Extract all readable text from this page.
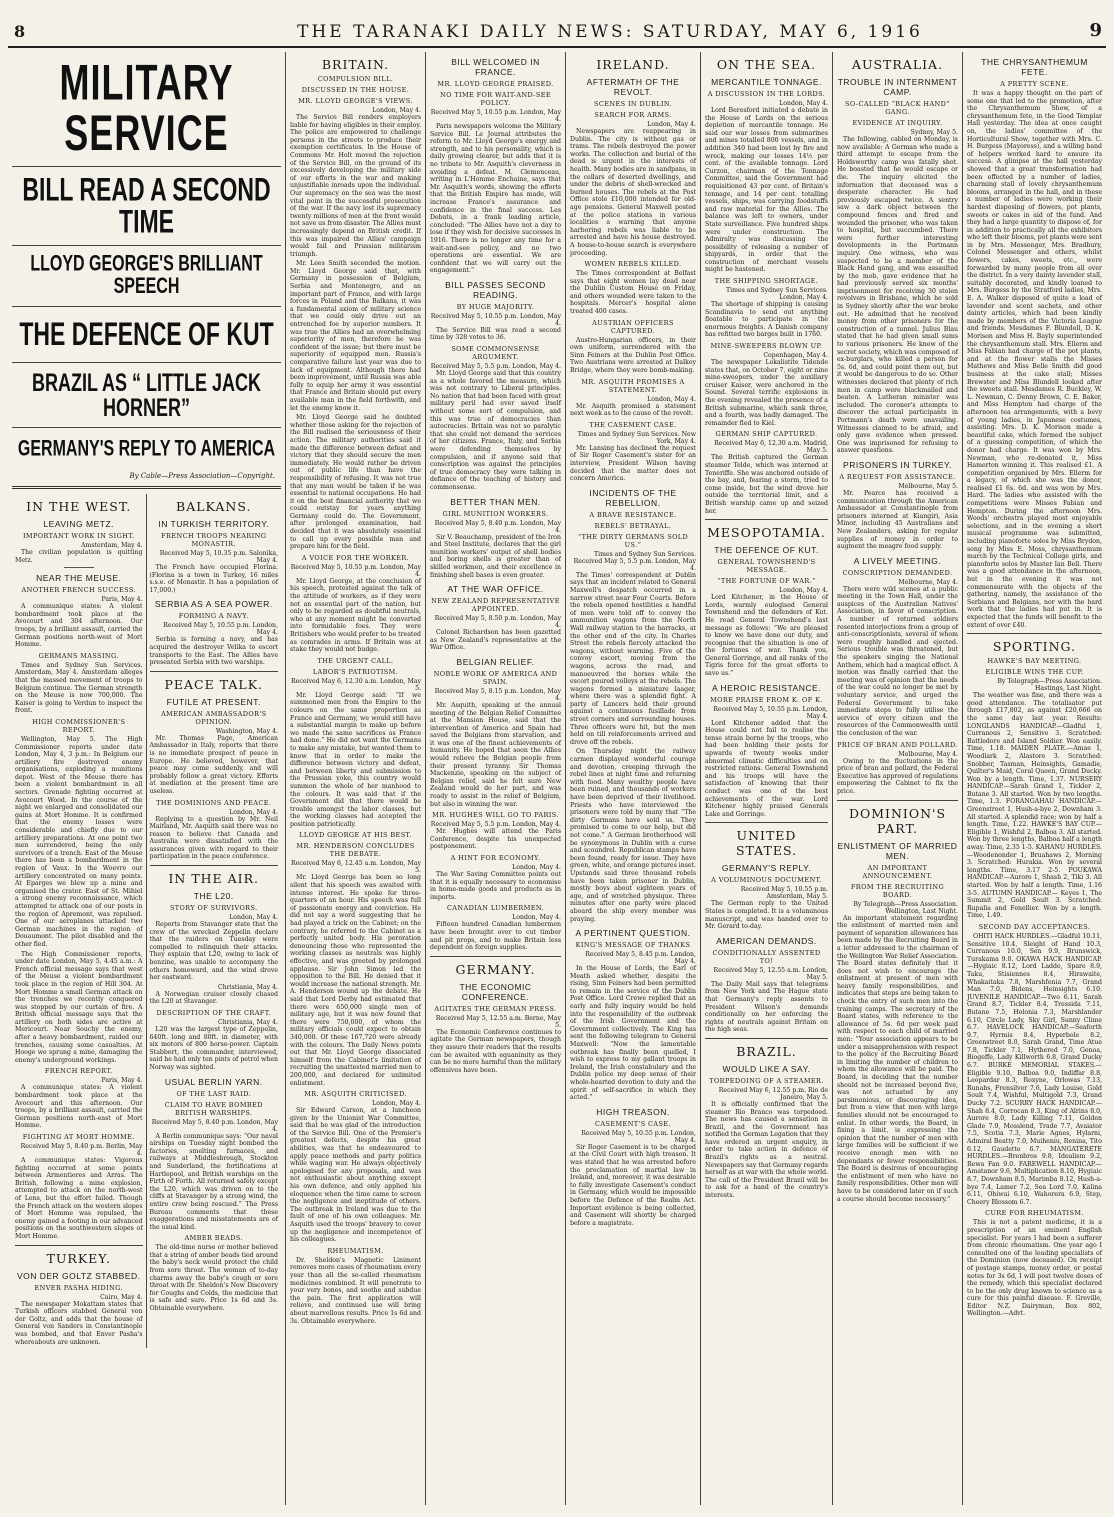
8	THE TARANAKI DAILY NEWS: SATURDAY, MAY 6, 1916	9
MILITARY SERVICE
BILL READ A SECOND TIME
LLOYD GEORGE'S BRILLIANT SPEECH
THE DEFENCE OF KUT
BRAZIL AS “ LITTLE JACK HORNER”
GERMANY'S REPLY TO AMERICA
By Cable—Press Association—Copyright.
IN THE WEST.
LEAVING METZ.
IMPORTANT WORK IN SIGHT.
Amsterdam, May 4.

The civilian population is quitting Metz.

NEAR THE MEUSE.
ANOTHER FRENCH SUCCESS.
Paris, May 4.

A communique states: A violent bombardment took place at the Avocourt and 304 afternoon. Our troops, by a brilliant assault, carried the German positions north-west of Mort Homme.

GERMANS MASSING.

Times and Sydney Sun Services. Amsterdam, May 4. Amsterdam alleges that the massed movement of troops to Belgium continue. The German strength on the Meuse is now 700,000. The Kaiser is going to Verdun to inspect the front.

HIGH COMMISSIONER'S REPORT.

Wellington, May 5. The High Commissioner reports under date London, May 4, 3 p.m.: In Belgium our artillery fire destroyed enemy organisations, exploding a munitions depot. West of the Meuse there has been a violent bombardment in all sectors. Grenade fighting occurred at Avocourt Wood. In the course of the night we enlarged and consolidated our gains at Mort Homme. It is confirmed that the enemy losses were considerable and chiefly due to our artillery preparations. At one point two men surrendered, being the only survivors of a trench. East of the Meuse there has been a bombardment in the region of Vaux. In the Woevre our artillery concentrated on many points. At Eparges we blew up a mine and organised the crater. East of St. Mihiel a strong enemy reconnaissance, which attempted to attack one of our posts in the region of Apremont, was repulsed. One of our aeroplanes attacked two German machines in the region of Douaumont. The pilot disabled and the other fled.

The High Commissioner reports, under date London, May 5, 4.45 a.m.: A French official message says that west of the Meuse a violent bombardment took place in the region of Hill 304. At Mort Homme a small German attack on the trenches we recently conquered was stopped by our curtain of fire. A British official message says that the artillery on both sides are active at Mericourt. Near Souchy the enemy, after a heavy bombardment, raided our trenches, causing some casualties. At Hooge we sprung a mine, damaging the enemy's underground workings.

FRENCH REPORT.
Paris, May 4.

A communique states: A violent bombardment took place at the Avocourt and this afternoon. Our troops, by a brilliant assault, carried the German positions north-east of Mort Homme.

FIGHTING AT MORT HOMME.
Received May 5, 8.40 p.m. Berlin, May 4.

A communique states: Vigorous fighting occurred at some points between Armentieres and Arras. The British, following a mine explosion, attempted to attack on the north-west of Lens, but the effort failed. Though the French attack on the western slopes of Mort Homme was repulsed, the enemy gained a footing in our advanced positions on the southwestern slopes of Mort Homme.

TURKEY.
VON DER GOLTZ STABBED.
ENVER PASHA HIDING.
Cairo, May 4.

The newspaper Mokattam states that Turkish officers stabbed General von der Goltz, and adds that the house of General von Sanders in Constantinople was bombed, and that Enver Pasha's whereabouts are unknown.

BALKANS.
IN TURKISH TERRITORY.
FRENCH TROOPS NEARING MONASTIR.
Received May 5, 10.35 p.m. Salonika, May 4.

The French have occupied Florina. (Florina is a town in Turkey, 16 miles s.s.e. of Monastir. It has a population of 17,000.)

SERBIA AS A SEA POWER.
FORMING A NAVY.
Received May 5, 10.55 p.m. London, May 4.

Serbia is forming a navy, and has acquired the destroyer Velika to escort transports to the East. The Allies have presented Serbia with two warships.

PEACE TALK.
FUTILE AT PRESENT.
AMERICAN AMBASSADOR'S OPINION.
Washington, May 4.

Mr. Thomas Page, American Ambassador in Italy, reports that there is no immediate prospect of peace in Europe. He believed, however, that peace may come suddenly, and will probably follow a great victory. Efforts at mediation at the present time are useless.

THE DOMINIONS AND PEACE.
London, May 4.

Replying to a question by Mr. Neil Maitland, Mr. Asquith said there was no reason to believe that Canada and Australia were dissatisfied with the assurances given with regard to their participation in the peace conference.

IN THE AIR.
THE L20.
STORY OF SURVIVORS.
London, May 4.

Reports from Stavanger state that the crew of the wrecked Zeppelin declare that the raiders on Tuesday were compelled to relinquish their attacks. They explain that L20, owing to lack of benzine, was unable to accompany the others homeward, and the wind drove her eastward.

Christiania, May 4.

A Norwegian cruiser closely chased the L20 at Stavanger.

DESCRIPTION OF THE CRAFT.
Christiania, May 4.

L20 was the largest type of Zeppelin, 640ft. long and 80ft. in diameter, with six motors of 800 horse-power. Captain Stabbert, the commander, interviewed, said he had only ten pints of petrol when Norway was sighted.

USUAL BERLIN YARN.
OF THE LAST RAID.
CLAIM TO HAVE BOMBED BRITISH WARSHIPS.
Received May 5, 8.40 p.m. London, May 4.

A Berlin communique says: “Our naval airships on Tuesday night bombed the factories, smelting furnaces, and railways at Middlesbrough, Stockton and Sunderland, the fortifications at Hartlepool, and British warships on the Firth of Forth. All returned safely except the L20, which was driven on to the cliffs at Stavanger by a strong wind, the entire crew being rescued.” The Press Bureau comments that these exaggerations and misstatements are of the usual kind.

AMBER BEADS.

The old-time nurse or mother believed that a string of amber beads tied around the baby's neck would protect the child from sore throat. The woman of to-day charms away the baby's cough or sore throat with Dr. Sheldon's New Discovery for Coughs and Colds, the medicine that is safe and sure. Price 1s 6d and 3s. Obtainable everywhere.

BRITAIN.
COMPULSION BILL.
DISCUSSED IN THE HOUSE.
MR. LLOYD GEORGE'S VIEWS.
London, May 4.

The Service Bill renders employers liable for having eligibles in their employ. The police are empowered to challenge persons in the streets to produce their exemption certificates. In the House of Commons Mr. Holt moved the rejection of the Service Bill, on the ground of its excessively developing the military side of our efforts in the war and making unjustifiable inroads upon the individual. Our supremacy on the sea was the most vital point in the successful prosecution of the war. If the navy lost its supremacy twenty millions of men at the front would not save us from disaster. The Allies must increasingly depend on British credit. If this was impaired the Allies' campaign would fail and Prussian militarism triumph.

Mr. Lees Smith seconded the motion. Mr. Lloyd George said that, with Germany in possession of Belgium, Serbia and Montenegro, and an important part of France, and with large forces in Poland and the Balkans, it was a fundamental axiom of military science that we could only drive out an entrenched foe by superior numbers. It was true the Allies had an overwhelming superiority of men, therefore he was confident of the issue; but there must be superiority of equipped men. Russia's comparative failure last year was due to lack of equipment. Although there had been improvement, until Russia was able fully to equip her army it was essential that France and Britain should put every available man in the field forthwith, and let the enemy know it.

Mr. Lloyd George said he doubted whether those asking for the rejection of the Bill realised the seriousness of their action. The military authorities said it made the difference between defeat and victory that they should secure the men immediately. He would rather be driven out of public life than have the responsibility of refusing. It was not true that any man would be taken if he was essential to national occupations. He had it on the best financial authority that we could outstay for years anything Germany could do. The Government, after prolonged examination, had decided that it was absolutely essential to call up every possible man and prepare him for the field.

A VOICE FOR THE WORKER.
Received May 5, 10.55 p.m. London, May 4.

Mr. Lloyd George, at the conclusion of his speech, protested against the talk of the attitude of workers, as if they were not an essential part of the nation, but only to be regarded as doubtful neutrals, who at any moment might be converted into formidable foes. They were Britishers who would prefer to be treated as comrades in arms. If Britain was at stake they would not budge.

THE URGENT CALL.
LABOR'S PATRIOTISM.
Received May 6, 12.30 a.m. London, May 5.

Mr. Lloyd George said: “If we summoned men from the Empire to the colours on the same proportion as France and Germany, we would still have a substantial margin to make up before we made the same sacrifices as France had done.” He did not want the Germans to make any mistake, but wanted them to know that in order to make the difference between victory and defeat, and between liberty and submission to the Prussian yoke, this country would summon the whole of her manhood to the colours. It was said that if the Government did that there would be trouble amongst the labor classes, but the working classes had accepted the position patriotically.

LLOYD GEORGE AT HIS BEST.
MR. HENDERSON CONCLUDES THE DEBATE.
Received May 6, 12.45 a.m. London, May 5.

Mr. Lloyd George has been so long silent that his speech was awaited with intense interest. He spoke for three-quarters of an hour. His speech was full of passionate energy and conviction. He did not say a word suggesting that he had played a trick on the Cabinet; on the contrary, he referred to the Cabinet as a perfectly united body. His peroration denouncing those who represented the working classes as neutrals was highly effective, and was greeted by prolonged applause. Sir John Simon led the opposition to the Bill. He denied that it would increase the national strength. Mr. A. Henderson wound up the debate. He said that Lord Derby had estimated that there were 650,000 single men of military age, but it was now found that there were 750,000, of whom the military officials could expect to obtain 340,000. Of these 167,720 were already with the colours. The Daily News points out that Mr. Lloyd George dissociated himself from the Cabinet's limitation of recruiting the unattested married men to 200,000, and declared for unlimited enlistment.

MR. ASQUITH CRITICISED.
London, May 4.

Sir Edward Carson, at a luncheon given by the Unionist War Committee, said that he was glad of the introduction of the Service Bill. One of the Premier's greatest defects, despite his great abilities, was that he endeavoured to apply peace methods and party politics while waging war. He always objectively apologised for any proposals, and was not enthusiastic about anything except his own defence, and only applied his eloquence when the time came to screen the negligence and ineptitude of others. The outbreak in Ireland was due to the fault of one of his own colleagues. Mr. Asquith used the troops' bravery to cover up the negligence and incompetence of his colleagues.

RHEUMATISM.

Dr. Sheldon's Magnetic Liniment removes more cases of rheumatism every year than all the so-called rheumatism medicines combined. It will penetrate to your very bones, and soothe and subdue the pain. The first application will relieve, and continued use will bring about marvellous results. Price 1s 6d and 3s. Obtainable everywhere.

BILL WELCOMED IN FRANCE.
MR. LLOYD GEORGE PRAISED.
NO TIME FOR WAIT-AND-SEE POLICY.
Received May 5, 10.55 p.m. London, May 4.

Paris newspapers welcome the Military Service Bill. Le Journal attributes the reform to Mr. Lloyd George's energy and strength, and to his personality, which is daily growing clearer, but adds that it is no tribute to Mr. Asquith's cleverness in avoiding a defeat. M. Clemenceau, writing in L'Homme Enchaine, says that Mr. Asquith's words, showing the efforts that the British Empire has made, will increase France's assurance and confidence in the final success. Les Debats, in a frank leading article, concluded: “The Allies have not a day to lose if they wish for decisive successes in 1916. There is no longer any time for a wait-and-see policy, and no two operations are essential. We are confident that we will carry out the engagement.”

BILL PASSES SECOND READING.
BY HUGE MAJORITY.
Received May 5, 10.55 p.m. London, May 4.

The Service Bill was read a second time by 328 votes to 36.

SOME COMMONSENSE ARGUMENT.
Received May 5, 5.5 p.m. London, May 4.

Mr. Lloyd George said that this country as a whole favored the measure, which was not contrary to Liberal principles. No nation that had been faced with great military peril had ever saved itself without some sort of compulsion, and this was true of democracies than autocracies. Britain was not so paralytic that she could not demand the services of her citizens. France, Italy, and Serbia were defending themselves by compulsion, and if anyone said that conscription was against the principles of true democracy they were talking in defiance of the teaching of history and commonsense.

BETTER THAN MEN.
GIRL MUNITION WORKERS.
Received May 5, 8.40 p.m. London, May 4.

Sir V. Beauchamp, president of the Iron and Steel Institute, declares that the girl munition workers' output of shell bodies and boring shells is greater than of skilled workmen, and their excellence in finishing shell bases is even greater.

AT THE WAR OFFICE.
NEW ZEALAND REPRESENTATIVE APPOINTED.
Received May 5, 8.50 p.m. London, May 4.

Colonel Richardson has been gazetted as New Zealand's representative at the War Office.

BELGIAN RELIEF.
NOBLE WORK OF AMERICA AND SPAIN.
Received May 5, 8.15 p.m. London, May 4.

Mr. Asquith, speaking at the annual meeting of the Belgian Relief Committee at the Mansion House, said that the intervention of America and Spain had saved the Belgians from starvation, and it was one of the finest achievements of humanity. He hoped that soon the Allies would relieve the Belgian people from their present tyranny. Sir Thomas Mackenzie, speaking on the subject of Belgian relief, said he felt sure New Zealand would do her part, and was ready to assist in the relief of Belgium, but also in winning the war.

MR. HUGHES WILL GO TO PARIS.
Received May 5, 5.5 p.m. London, May 4.

Mr. Hughes will attend the Paris Conference, despite his unexpected postponement.

A HINT FOR ECONOMY.
London, May 4.

The War Saving Committee points out that it is equally necessary to economise in home-made goods and products as in imports.

CANADIAN LUMBERMEN.
London, May 4.

Fifteen hundred Canadian lumbermen have been brought over to cut timber and pit props, and to make Britain less dependent on foreign supplies.

GERMANY.
THE ECONOMIC CONFERENCE.
AGITATES THE GERMAN PRESS.
Received May 5, 12.55 a.m. Berne, May 5.

The Economic Conference continues to agitate the German newspapers, though they assure their readers that the results can be awaited with equanimity as they can be no more harmful than the military offensives have been.

IRELAND.
AFTERMATH OF THE REVOLT.
SCENES IN DUBLIN.
SEARCH FOR ARMS.
London, May 4.

Newspapers are reappearing in Dublin. The city is without gas or trams. The rebels destroyed the power works. The collection and burial of the dead is urgent in the interests of health. Many bodies are in sandpans, in the cellars of deserted dwellings, and under the debris of shell-wrecked and burned houses. The rebels at the Post Office stole £10,000 intended for old-age pensions. General Maxwell posted at the police stations in various localities a warning that anyone harboring rebels was liable to be arrested and have his house destroyed. A house-to-house search is everywhere proceeding.

WOMEN REBELS KILLED.

The Times correspondent at Belfast says that eight women lay dead near the Dublin Custom House on Friday, and others wounded were taken to the hospitals. Mercer's hospital alone treated 400 cases.

AUSTRIAN OFFICERS CAPTURED.

Austro-Hungarian officers, in their own uniform, surrendered with the Sinn Feiners at the Dublin Post Office. Two Austrians were arrested at Dalkey Bridge, where they were bomb-making.

MR. ASQUITH PROMISES A STATEMENT.
London, May 4.

Mr. Asquith promised a statement next week as to the cause of the revolt.

THE CASEMENT CASE.
Times and Sydney Sun Services. New York, May 4.

Mr. Lansing has declined the request of Sir Roger Casement's sister for an interview, President Wilson having decided that the matter does not concern America.

INCIDENTS OF THE REBELLION.
A BRAVE RESISTANCE.
REBELS' BETRAYAL.
“THE DIRTY GERMANS SOLD US.”
Times and Sydney Sun Services. Received May 5, 5.5 p.m. London, May 4.

The Times' correspondent at Dublin says that an incident related to General Maxwell's despatch occurred in a narrow street near Four Courts. Before the rebels opened hostilities a handful of men were told off to convey the ammunition wagons from the North Wall railway station to the barracks, at the other end of the city. In Charles Street the rebels fiercely attacked the wagons, without warning. Five of the convoy escort, moving from the wagons, across the road, and manoeuvred the horses while the escort poured volleys at the rebels. The wagons formed a miniature laager, where there was a splendid fight. A party of Lancers held their ground against a continuous fusillade from street corners and surrounding houses. Three officers were hit, but the men held on till reinforcements arrived and drove off the rebels.

On Thursday night the railway carmen displayed wonderful courage and devotion, creeping through the rebel lines at night time and returning with food. Many wealthy people have been ruined, and thousands of workers have been deprived of their livelihood. Priests who have interviewed the prisoners were told by many that “The dirty Germans have sold us. They promised to come to our help, but did not come.” A German brotherhood will be synonymous in Dublin with a curse and scoundrel. Republican stamps have been found, ready for issue. They have green, white, and orange pictures inset. Upstands said three thousand rebels have been taken prisoner in Dublin, mostly boys about eighteen years of age, and of wretched physique. Three minutes after one party were placed aboard the ship every member was praying.

A PERTINENT QUESTION.
KING'S MESSAGE OF THANKS
Received May 5, 8.45 p.m. London, May 4.

In the House of Lords, the Earl of Meath asked whether, despite the rising, Sinn Feiners had been permitted to remain in the service of the Dublin Post Office. Lord Crewe replied that an early and fully inquiry would be held into the responsibility of the outbreak of the Irish Government and the Government collectively. The King has sent the following telegram to General Maxwell: “Now the lamentable outbreak has finally been quelled, I wish to express to my gallant troops in Ireland, the Irish constabulary and the Dublin police my deep sense of their whole-hearted devotion to duty and the spirit of self-sacrifice in which they acted.”

HIGH TREASON.
CASEMENT'S CASE.
Received May 5, 10.55 p.m. London, May 4.

Sir Roger Casement is to be charged at the Civil Court with high treason. It was stated that he was arrested before the proclamation of martial law in Ireland, and, moreover, it was desirable to fully investigate Casement's conduct in Germany, which would be impossible before the Defence of the Realm Act. Important evidence is being collected, and Casement will shortly be charged before a magistrate.

ON THE SEA.
MERCANTILE TONNAGE.
A DISCUSSION IN THE LORDS.
London, May 4.

Lord Beresford initiated a debate in the House of Lords on the serious depletion of mercantile tonnage. He said our war losses from submarines and mines totalled 800 vessels, and in addition 340 had been lost by fire and wreck, making our losses 14½ per cent. of the available tonnage. Lord Curzon, chairman of the Tonnage Committee, said the Government had requisitioned 43 per cent. of Britain's tonnage, and 14 per cent. totalling vessels, ships, was carrying foodstuffs and raw material for the Allies. The balance was left to owners, under State surveillance. Five hundred ships were under construction. The Admiralty was discussing the possibility of releasing a number of shipyards, in order that the construction of merchant vessels might be hastened.

THE SHIPPING SHORTAGE.
Times and Sydney Sun Services. London, May 4.

The shortage of shipping is causing Scandinavia to send out anything floatable to participate in the enormous freights. A Danish company has refitted two barges built in 1760.

MINE-SWEEPERS BLOWN UP.
Copenhagen, May 4.

The newspaper Lokalistite Tidende states that, on October 7, eight or nine mine-sweepers, under the auxiliary cruiser Kaiser, were anchored in the Sound. Several terrific explosions in the evening revealed the presence of a British submarine, which sank three, and a fourth, was badly damaged. The remainder fled to Kiel.

GERMAN SHIP CAPTURED.
Received May 6, 12.30 a.m. Madrid, May 5.

The British captured the German steamer Telde, which was interned at Teneriffe. She was anchored outside of the bay, and, fearing a storm, tried to come inside, but the wind drove her outside the territorial limit, and a British warship came up and seized her.

MESOPOTAMIA.
THE DEFENCE OF KUT.
GENERAL TOWNSHEND'S MESSAGE.
“THE FORTUNE OF WAR.”
London, May 4.

Lord Kitchener, in the House of Lords, warmly eulogised General Townshend and the defenders of Kut. He read General Townshend's last message as follows: “We are pleased to know we have done our duty, and recognise that the situation is one of the fortunes of war. Thank you, General Gorringe, and all ranks of the Tigris force for the great efforts to save us.”

A HEROIC RESISTANCE.
MORE PRAISE FROM K. OF K.
Received May 5, 10.55 p.m. London, May 4.

Lord Kitchener added that the House could not fail to realise the tense strain borne by the troops, who had been holding their posts for upwards of twenty weeks under abnormal climatic difficulties and on restricted rations. General Townshend and his troops will have the satisfaction of knowing that their conduct was one of the best achievements of the war. Lord Kitchener highly praised Generals Lake and Gorringe.

UNITED STATES.
GERMANY'S REPLY.
A VOLUMINOUS DOCUMENT.
Received May 5, 10.55 p.m. Amsterdam, May 5.

The German reply to the United States is completed. It is a voluminous manuscript, and was handed over to Mr. Gerard to-day.

AMERICAN DEMANDS.
CONDITIONALLY ASSENTED TO!
Received May 5, 12.55 a.m. London, May 5.

The Daily Mail says that telegrams from New York and The Hague state that Germany's reply assents to President Wilson's demands conditionally on her enforcing the rights of neutrals against Britain on the high seas.

BRAZIL.
WOULD LIKE A SAY.
TORPEDOING OF A STEAMER.
Received May 6, 12.55 p.m. Rio de Janeiro, May 5.

It is officially confirmed that the steamer Rio Branco was torpedoed. The news has caused a sensation in Brazil, and the Government has notified the German Legation that they have ordered an urgent enquiry, in order to take action in defence of Brazil's rights as a neutral. Newspapers say that Germany regards herself as at war with the whole world. The call of the President Brazil will be to ask for a hand of the country's interests.

AUSTRALIA.
TROUBLE IN INTERNMENT CAMP.
SO-CALLED “BLACK HAND” GANG.
EVIDENCE AT INQUIRY.
Sydney, May 5.

The following, cabled on Monday, is now available: A German who made a third attempt to escape from the Holdsworthy camp was fatally shot. He boasted that he would escape or die. The inquiry elicited the information that deceased was a desperate character. He had previously escaped twice. A sentry saw a dark object between the compound fences and fired and wounded the prisoner, who was taken to hospital, but succumbed. There were further interesting developments in the Portmann inquiry. One witness, who was suspected to be a member of the Black Hand gang, and was assaulted by the mob, gave evidence that he had previously served six months' imprisonment for receiving 30 stolen revolvers in Brisbane, which he sold in Sydney shortly after the war broke out. He admitted that he received money from other prisoners for the construction of a tunnel. Julius Blau stated that he had given small sums to various prisoners. He knew of the secret society, which was composed of ex-burglars, who killed a person for 5s. 6d, and could point them out, but it would be dangerous to do so. Other witnesses declared that plenty of rich men in camp were blackmailed and beaten. A Lutheran minister was included. The coroner's attempts to discover the actual participants in Portmann's death were unavailing. Witnesses claimed to be afraid, and only gave evidence when pressed. One was imprisoned for refusing to answer questions.

PRISONERS IN TURKEY.
A REQUEST FOR ASSISTANCE.
Melbourne, May 5.

Mr. Pearce has received a communication through the American Ambassador at Constantinople from prisoners interned at Kiangiri, Asia Minor, including 45 Australians and New Zealanders, asking for regular supplies of money in order to augment the meagre food supply.

A LIVELY MEETING.
CONSCRIPTION DEMANDED.
Melbourne, May 4.

There were wild scenes at a public meeting in the Town Hall, under the auspices of the Australian Natives' Association, in favor of conscription. A number of returned soldiers resented interjections from a group of anti-conscriptionists, several of whom were roughly handled and ejected. Serious trouble was threatened, but the speakers singing the National Anthem, which had a magical effect. A motion was finally carried that the meeting was of opinion that the needs of the war could no longer be met by voluntary service, and urged the Federal Government to take immediate steps to fully utilise the service of every citizen and the resources of the Commonwealth until the conclusion of the war.

PRICE OF BRAN AND POLLARD.
Melbourne, May 4.

Owing to the fluctuations in the price of bran and pollard, the Federal Executive has approved of regulations empowering the Cabinet to fix the price.

DOMINION'S PART.
ENLISTMENT OF MARRIED MEN.
AN IMPORTANT ANNOUNCEMENT.
FROM THE RECRUITING BOARD.
By Telegraph—Press Association. Wellington, Last Night.

An important statement regarding the enlistment of married men and payment of separation allowances has been made by the Recruiting Board in a letter addressed to the chairman of the Wellington War Relief Association. The Board states definitely that it does not wish to encourage the enlistment at present of men with heavy family responsibilities, and indicates that steps are being taken to check the entry of such men into the training camps. The secretary of the Board states, with reference to the allowance of 5s. 6d per week paid with respect to each child of married men: “Your association appears to be under a misapprehension with respect to the policy of the Recruiting Board in limiting the number of children to whom the allowance will be paid. The Board, in deciding that the number should not be increased beyond five, was not actuated by any parsimonious, or discouraging idea, but from a view that men with large families should not be encouraged to enlist. In other words, the Board, in fixing a limit, is expressing the opinion that the number of men with large families will be sufficient if we receive enough men with no dependants or fewer responsibilities. The Board is desirous of encouraging the enlistment of men who have no family responsibilities. Other men will have to be considered later on if such a course should become necessary.”

THE CHRYSANTHEMUM FETE.
A PRETTY SCENE.

It was a happy thought on the part of some one that led to the promotion, after the Chrysanthemum Show, of a chrysanthemum fete, in the Good Templar Hall yesterday. The idea at once caught on, the ladies' committee of the Horticultural Show, together with Mrs. C. H. Burgess (Mayoress), and a willing band of helpers worked hard to ensure its success. A glimpse at the hall yesterday showed that a great transformation had been effected by a number of ladies, charming stall of lovely chrysanthemum blooms, arranged in the hall, and in these a number of ladies were working their hardest disposing of flowers, pot plants, sweets or cakes in aid of the fund. And they had a large quantity to dispose of, for in addition to practically all the exhibitors who left their blooms, pot plants were sent in by Mrs. Messenger, Mrs. Bradbury, Colonel Messenger and others, whilst flowers, cakes, sweets, etc., were forwarded by many people from all over the district. In a very dainty lavender stall, suitably decorated, and kindly loaned to Mrs. Burgess by the Stratford ladies, Mrs. E. A. Walker disposed of quite a load of lavender and scent sachets, and other dainty articles, which had been kindly made by members of the Victoria League and friends. Mesdames F. Blundell, D. K. Morison and Miss H. Bayly superintended the chrysanthemum stall. Mrs. Ellerm and Miss Fabian had charge of the pot plants, and at the flower stalls the Misses Mathews and Miss Belle Smith did good business at the cake stall; Misses Brewster and Miss Blundell looked after the sweets stall. Mesdames R. Buckley, W. L. Newman, C. Denny Brown, C. E. Baker, and Miss Hempton had charge of the afternoon tea arrangements, with a bevy of young ladies, in Japanese costumes, assisting. Mrs. D. K. Morison made a beautiful cake, which formed the subject of a guessing competition, of which the donor had charge. It was won by Mrs. Newman, who re-donated it, Miss Hamerton winning it. This realised £1. A competition organised by Mrs. Ellerm for a legacy, of which she was the donor, realised £1 6s. 6d. and was won by Mrs. Hard. The ladies who assisted with the competitions were Misses Fabian and Hempton. During the afternoon Mrs. Woods' orchestra played most enjoyable selections, and in the evening a short musical programme was submitted, including pianoforte solos by Miss Brydon, song by Miss E. Moss, chrysanthemum march by the Technical College girls, and pianoforte solos by Master Ian Bell. There was a good attendance in the afternoon, but in the evening it was not commensurate with the objects of the gathering, namely, the assistance of the Serbians and Belgians, nor with the hard work that the ladies had put in. It is expected that the funds will benefit to the extent of over £40.

SPORTING.
HAWKE'S BAY MEETING.
ELIGIBLE WINS THE CUP.
By Telegraph—Press Association. Hastings, Last Night.

The weather was fine, and there was a good attendance. The totalisator put through £17,802, as against £20,666 on the same day last year. Results: LONGLANDS HANDICAP.—Gladful 1, Curranous 2, Sensitive 3. Scratched: Battledore and Island Soldier. Won easily. Time, 1.18. MAIDEN PLATE.—Amae 1, Woodlark 2, Alastore 3. Scratched: Snobber, Tasman, Heinsights, Gamadie, Quilter's Maid, Coral Queen, Grand Ducky. Won by a length. Time, 1.37. NURSERY HANDICAP.—Sarah Grand 1, Tickler 2, Butane 3. All started. Won by two lengths. Time, 1.3. FORANGAHAU HANDICAP.—Greenstreet 1, Hush-a-bye 2, Downham 3. All started. A splendid race; won by half a length. Time, 1.22. HAWKE'S BAY CUP.—Eligible 1, Wishful 2, Balboa 3. All started. Won by three lengths, Balboa half a length away. Time, 2.35 1-5. KAHANU HURDLES.—Woodenonder 1, Bruahaws 2, Morning 3. Scratched: Hurakia. Won by several lengths. Time, 3.17 2-5. POUKAWA HANDICAP.—Aurore 1, Shash 2, Tiki 3. All started. Won by half a length. Time, 1.16 3-5. AUTUMN HANDICAP.— Keyes 1, The Summit 2, Gold Soult 3. Scratched: Rupalia and Fenellier. Won by a length. Time, 1.49.

SECOND DAY ACCEPTANCES.

OHITI HACK HURDLES.—Gladful 10.11, Sensitive 10.4, Sleight of Hand 10.3, Curranous 10.0, Sen 9.9, Brunswick, Turakama 9.0. OKAWA HACK HANDICAP.—Hygiaic 8.12, Lord Ladde, Spare 8.9, Taku, Stisiennes 8.4, Hirawaite, Whakaitaka 7.8, Marshfenia 7.7, Grand Man 7.0, Bidens, Heinsights 6.10. JUVENILE HANDICAP.—Two 6.11, Sarah Grand 8.7, Tickler 8.4, Tressida 7.11, Butane 7.5, Holonia 7.3, Marshlander 6.10, Circle Lady, Sky Girl, Sunny Clime 6.7. HAVELOCK HANDICAP.—Seaforth 9.7, Hyrmis 8.4, Hyperbole 8.2, Greenstreet 8.0, Sarah Grand, Time Atue 7.8, Tickler 7.1, Hythered 7.0, Genoa, Biogeffe, Lady Killworth 6.8, Grand Ducky 6.7. BURKE MEMORIAL STAKES.—Eligible 9.10, Balboa 9.0, Indiffar 8.8, Leopardar 8.3, Roxyne, Orlowas 7.13, Runabs, Frensilver 7.6, Lady Louise, Gold Soult 7.4, Wishful, Multigold 7.3, Grand Ducky 7.2. SCURRY HACK HANDICAP.—Shah 8.4, Corrocan 8.3, King of Alrins 8.0, Aurore 8.0, Lady Killing 7.11, Golden Glade 7.9, Mosslend, Trade 7.7, Avaiator 7.5, Scotia 7.3, Marie Agnes, Hylarni, Admiral Beatty 7.0, Muiheniu, Renina, Tito 6.12, Gaudette 6.7. MANGATERETE HURDLES.—Brenbros 9.8, Idealism 9.2, Rewa Fan 9.0. FAREWELL HANDICAP.—Amatanor 9.6, Multiplication 8.10, Hygiaic 8.7, Downham 8.5, Marimba 8.12, Hush-a-bye 7.4, Lamer 7.2, Sea Lord 7.0, Kalina 6.11, Ohiwai 6.10, Wahorera 6.9, Step, Cheery Blossom 6.7.

CURE FOR RHEUMATISM.

This is not a patent medicine, it is a prescription of an eminent English specialist. For years I had been a sufferer from chronic rheumatism. One year ago I consulted one of the leading specialists of the Dominion (now deceased). On receipt of postage stamps, money order, or postal notes for 3s 6d, I will post twelve doses of the remedy, which this specialist declared to be the only drug known to science as a cure for this painful disease. F. Greville, Editor N.Z. Dairyman, Box 802, Wellington.—Advt.
